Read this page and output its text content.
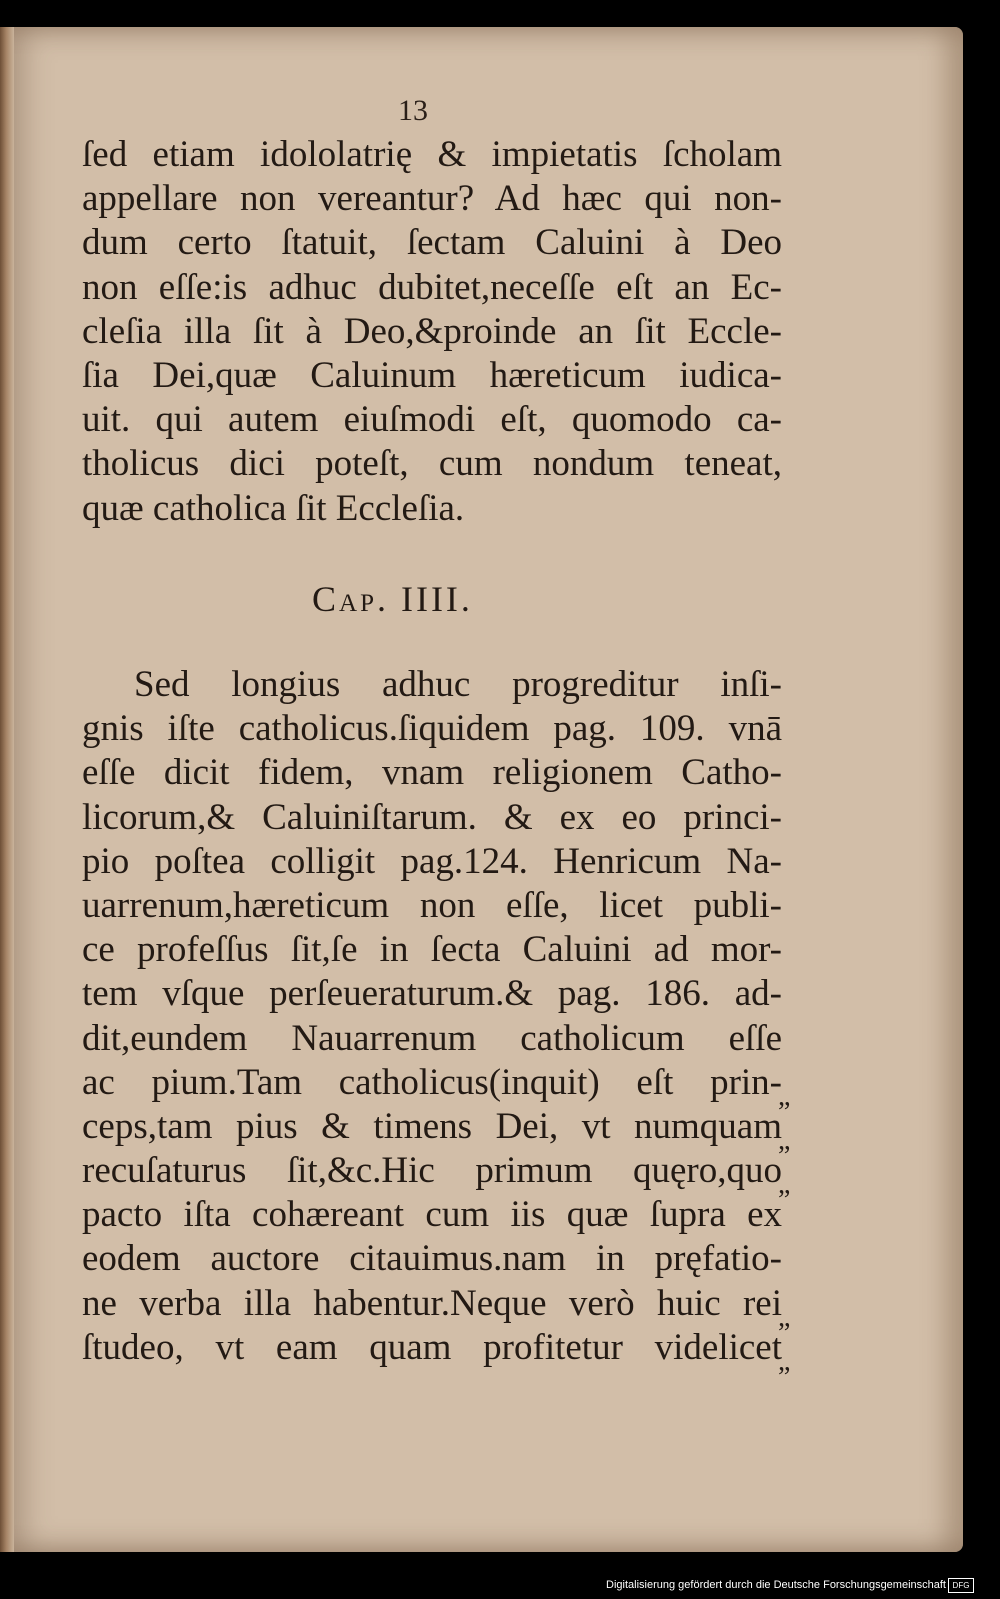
13
ſed etiam idololatrię & impietatis ſcholam
appellare non vereantur? Ad hæc qui non-
dum certo ſtatuit, ſectam Caluini à Deo
non eſſe:is adhuc dubitet,neceſſe eſt an Ec-
cleſia illa ſit à Deo,&proinde an ſit Eccle-
ſia Dei,quæ Caluinum hæreticum iudica-
uit. qui autem eiuſmodi eſt, quomodo ca-
tholicus dici poteſt, cum nondum teneat,
quæ catholica ſit Eccleſia.
Cap. IIII.
Sed longius adhuc progreditur inſi-
gnis iſte catholicus.ſiquidem pag. 109. vnā
eſſe dicit fidem, vnam religionem Catho-
licorum,& Caluiniſtarum. & ex eo princi-
pio poſtea colligit pag.124. Henricum Na-
uarrenum,hæreticum non eſſe, licet publi-
ce profeſſus ſit,ſe in ſecta Caluini ad mor-
tem vſque perſeueraturum.& pag. 186. ad-
dit,eundem Nauarrenum catholicum eſſe
ac pium.Tam catholicus(inquit) eſt prin-
ceps,tam pius & timens Dei, vt numquam
recuſaturus ſit,&c.Hic primum quęro,quo
pacto iſta cohæreant cum iis quæ ſupra ex
eodem auctore citauimus.nam in pręfatio-
ne verba illa habentur.Neque verò huic rei
ſtudeo, vt eam quam profitetur videlicet
„
„
„
„
„
Digitalisierung gefördert durch die Deutsche Forschungsgemeinschaft DFG
